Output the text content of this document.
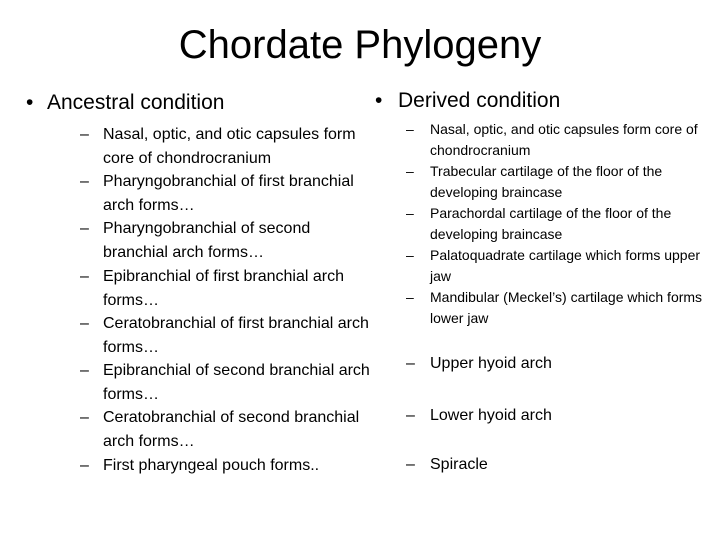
Chordate Phylogeny
• Ancestral condition
– Nasal, optic, and otic capsules form core of chondrocranium
– Pharyngobranchial of first branchial arch forms…
– Pharyngobranchial of second branchial arch forms…
– Epibranchial of first branchial arch forms…
– Ceratobranchial of first branchial arch forms…
– Epibranchial of second branchial arch forms…
– Ceratobranchial of second branchial arch forms…
– First pharyngeal pouch forms..
• Derived condition
– Nasal, optic, and otic capsules form core of chondrocranium
– Trabecular cartilage of the floor of the developing braincase
– Parachordal cartilage of the floor of the developing braincase
– Palatoquadrate cartilage which forms upper jaw
– Mandibular (Meckel’s) cartilage which forms lower jaw
– Upper hyoid arch
– Lower hyoid arch
– Spiracle
